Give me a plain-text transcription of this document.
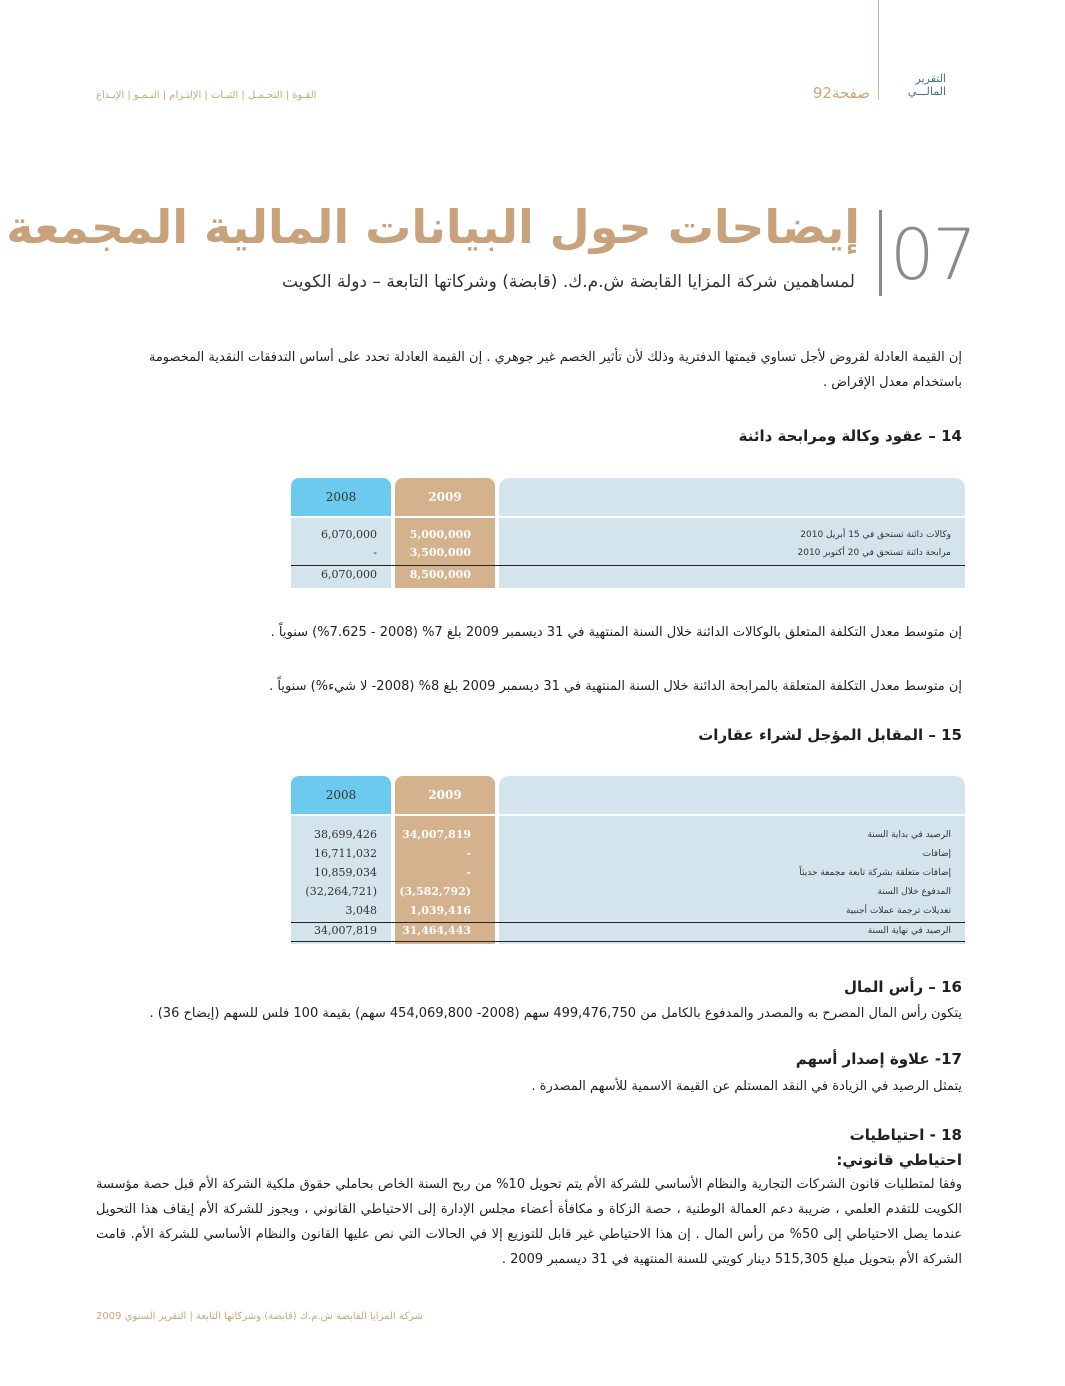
التقرير
المالـــي
صفحة92
القـوة | التحـمـل | الثبـات | الإلتـزام | النـمـو | الإبـداع
07
إيضاحات حول البيانات المالية المجمعة
لمساهمين شركة المزايا القابضة ش.م.ك. (قابضة) وشركاتها التابعة – دولة الكويت
إن القيمة العادلة لقروض لأجل تساوي قيمتها الدفترية وذلك لأن تأثير الخصم غير جوهري . إن القيمة العادلة تحدد على أساس التدفقات النقدية المخصومة باستخدام معدل الإقراض .
14 – عقود وكالة ومرابحة دائنة
2009
2008
وكالات دائنة تستحق في 15 أبريل 2010
5,000,000
6,070,000
مرابحة دائنة تستحق في 20 أكتوبر 2010
3,500,000
-
8,500,000
6,070,000
إن متوسط معدل التكلفة المتعلق بالوكالات الدائنة خلال السنة المنتهية في 31 ديسمبر 2009 بلغ 7% (2008 - 7.625%) سنوياً .
إن متوسط معدل التكلفة المتعلقة بالمرابحة الدائنة خلال السنة المنتهية في 31 ديسمبر 2009 بلغ 8% (2008- لا شيء%) سنوياً .
15 – المقابل المؤجل لشراء عقارات
2009
2008
الرصيد في بداية السنة
34,007,819
38,699,426
إضافات
-
16,711,032
إضافات متعلقة بشركة تابعة مجمعة حديثاً
-
10,859,034
المدفوع خلال السنة
(3,582,792)
(32,264,721)
تعديلات ترجمة عملات أجنبية
1,039,416
3,048
الرصيد في نهاية السنة
31,464,443
34,007,819
16 – رأس المال
يتكون رأس المال المصرح به والمصدر والمدفوع بالكامل من 499,476,750 سهم (2008- 454,069,800 سهم) بقيمة 100 فلس للسهم (إيضاح 36) .
17- علاوة إصدار أسهم
يتمثل الرصيد في الزيادة في النقد المستلم عن القيمة الاسمية للأسهم المصدرة .
18 - احتياطيات
احتياطي قانوني:
وفقا لمتطلبات قانون الشركات التجارية والنظام الأساسي للشركة الأم يتم تحويل 10% من ربح السنة الخاص بحاملي حقوق ملكية الشركة الأم قبل حصة مؤسسة الكويت للتقدم العلمي ، ضريبة دعم العمالة الوطنية ، حصة الزكاة و مكافأة أعضاء مجلس الإدارة إلى الاحتياطي القانوني ، ويجوز للشركة الأم إيقاف هذا التحويل عندما يصل الاحتياطي إلى 50% من رأس المال . إن هذا الاحتياطي غير قابل للتوزيع إلا في الحالات التي نص عليها القانون والنظام الأساسي للشركة الأم. قامت الشركة الأم بتحويل مبلغ 515,305 دينار كويتي للسنة المنتهية في 31 ديسمبر 2009 .
شركة المزايا القابضة ش.م.ك (قابضة) وشركاتها التابعة | التقرير السنوي 2009
